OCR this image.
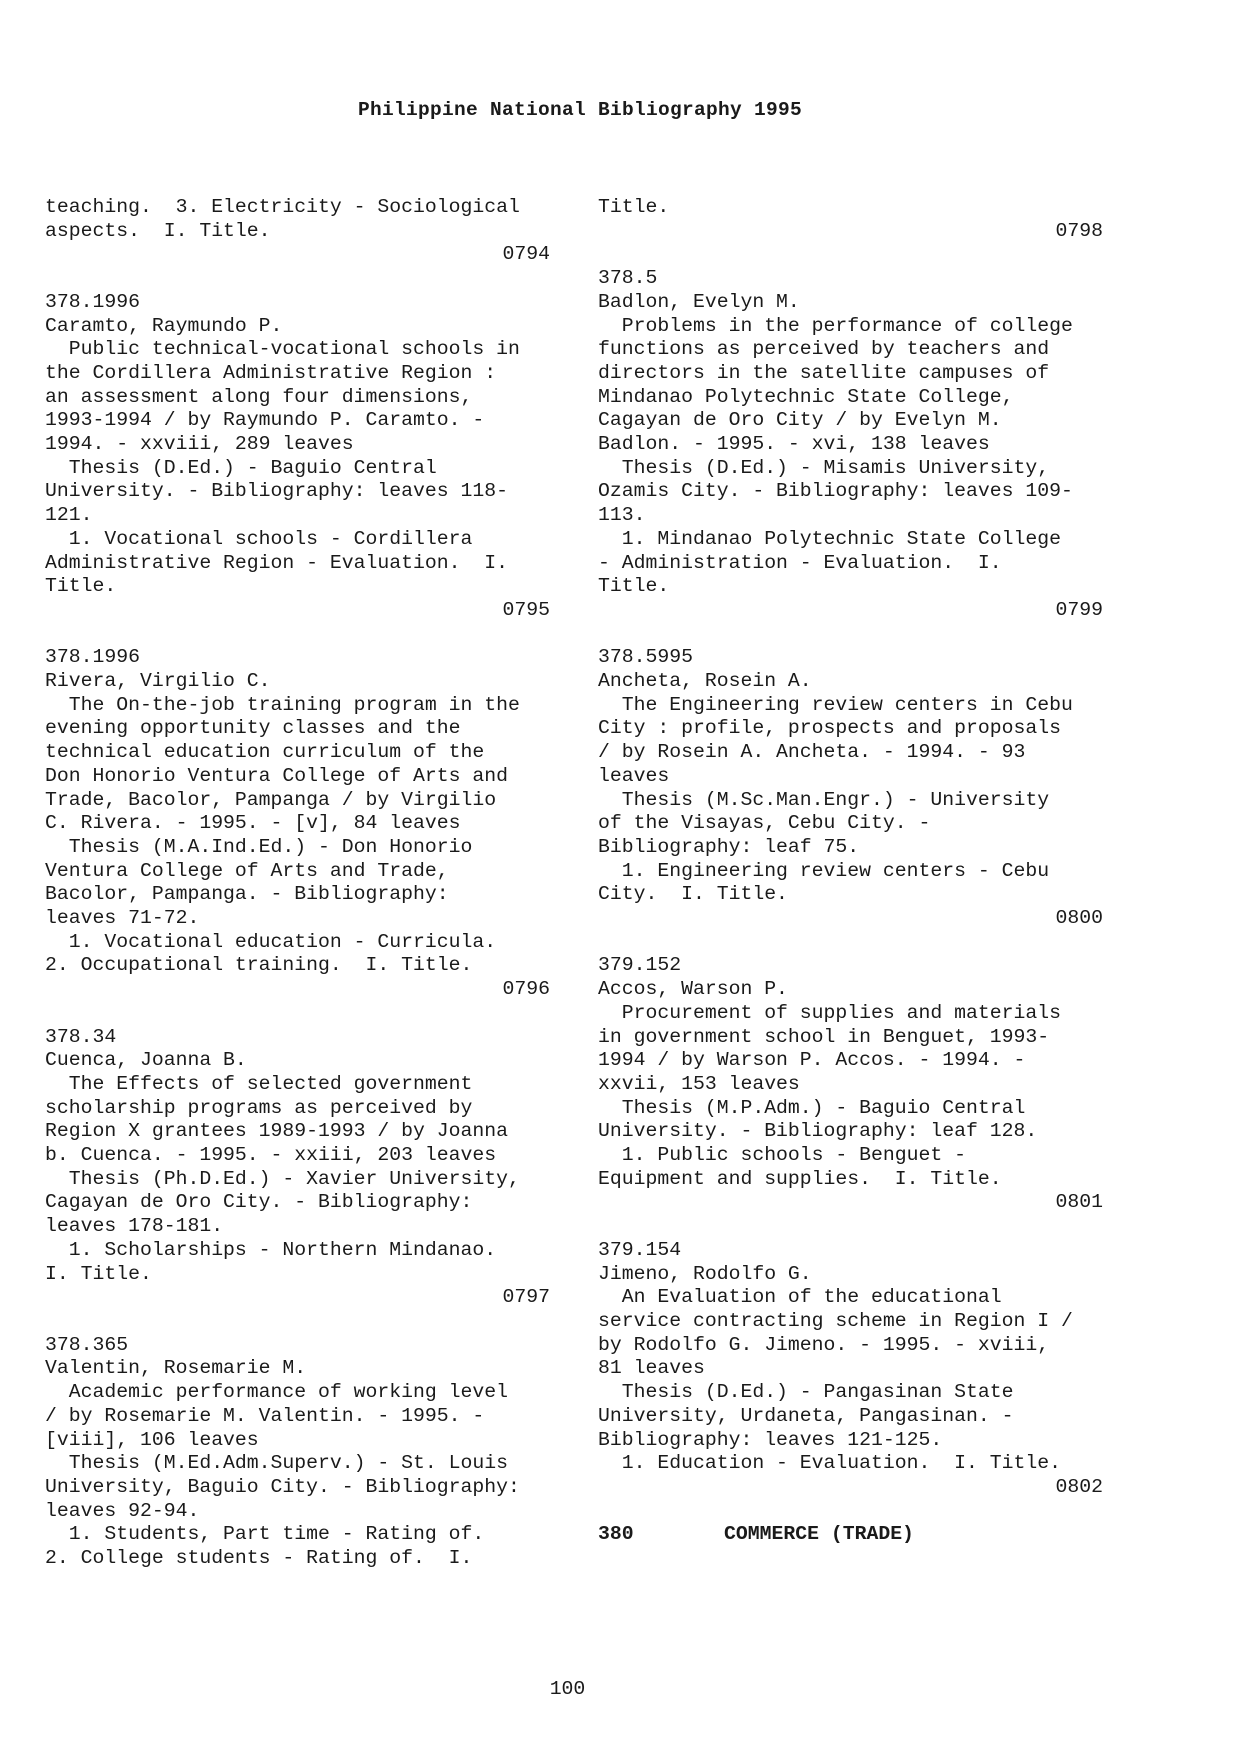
Philippine National Bibliography 1995
teaching.  3. Electricity - Sociological
aspects.  I. Title.
0794
378.1996
Caramto, Raymundo P.
Public technical-vocational schools in
the Cordillera Administrative Region :
an assessment along four dimensions,
1993-1994 / by Raymundo P. Caramto. -
1994. - xxviii, 289 leaves
Thesis (D.Ed.) - Baguio Central
University. - Bibliography: leaves 118-
121.
1. Vocational schools - Cordillera
Administrative Region - Evaluation.  I.
Title.
0795
378.1996
Rivera, Virgilio C.
The On-the-job training program in the
evening opportunity classes and the
technical education curriculum of the
Don Honorio Ventura College of Arts and
Trade, Bacolor, Pampanga / by Virgilio
C. Rivera. - 1995. - [v], 84 leaves
Thesis (M.A.Ind.Ed.) - Don Honorio
Ventura College of Arts and Trade,
Bacolor, Pampanga. - Bibliography:
leaves 71-72.
1. Vocational education - Curricula.
2. Occupational training.  I. Title.
0796
378.34
Cuenca, Joanna B.
The Effects of selected government
scholarship programs as perceived by
Region X grantees 1989-1993 / by Joanna
b. Cuenca. - 1995. - xxiii, 203 leaves
Thesis (Ph.D.Ed.) - Xavier University,
Cagayan de Oro City. - Bibliography:
leaves 178-181.
1. Scholarships - Northern Mindanao.
I. Title.
0797
378.365
Valentin, Rosemarie M.
Academic performance of working level
/ by Rosemarie M. Valentin. - 1995. -
[viii], 106 leaves
Thesis (M.Ed.Adm.Superv.) - St. Louis
University, Baguio City. - Bibliography:
leaves 92-94.
1. Students, Part time - Rating of.
2. College students - Rating of.  I.
Title.
0798
378.5
Badlon, Evelyn M.
Problems in the performance of college
functions as perceived by teachers and
directors in the satellite campuses of
Mindanao Polytechnic State College,
Cagayan de Oro City / by Evelyn M.
Badlon. - 1995. - xvi, 138 leaves
Thesis (D.Ed.) - Misamis University,
Ozamis City. - Bibliography: leaves 109-
113.
1. Mindanao Polytechnic State College
- Administration - Evaluation.  I.
Title.
0799
378.5995
Ancheta, Rosein A.
The Engineering review centers in Cebu
City : profile, prospects and proposals
/ by Rosein A. Ancheta. - 1994. - 93
leaves
Thesis (M.Sc.Man.Engr.) - University
of the Visayas, Cebu City. -
Bibliography: leaf 75.
1. Engineering review centers - Cebu
City.  I. Title.
0800
379.152
Accos, Warson P.
Procurement of supplies and materials
in government school in Benguet, 1993-
1994 / by Warson P. Accos. - 1994. -
xxvii, 153 leaves
Thesis (M.P.Adm.) - Baguio Central
University. - Bibliography: leaf 128.
1. Public schools - Benguet -
Equipment and supplies.  I. Title.
0801
379.154
Jimeno, Rodolfo G.
An Evaluation of the educational
service contracting scheme in Region I /
by Rodolfo G. Jimeno. - 1995. - xviii,
81 leaves
Thesis (D.Ed.) - Pangasinan State
University, Urdaneta, Pangasinan. -
Bibliography: leaves 121-125.
1. Education - Evaluation.  I. Title.
0802
380	COMMERCE (TRADE)
100
